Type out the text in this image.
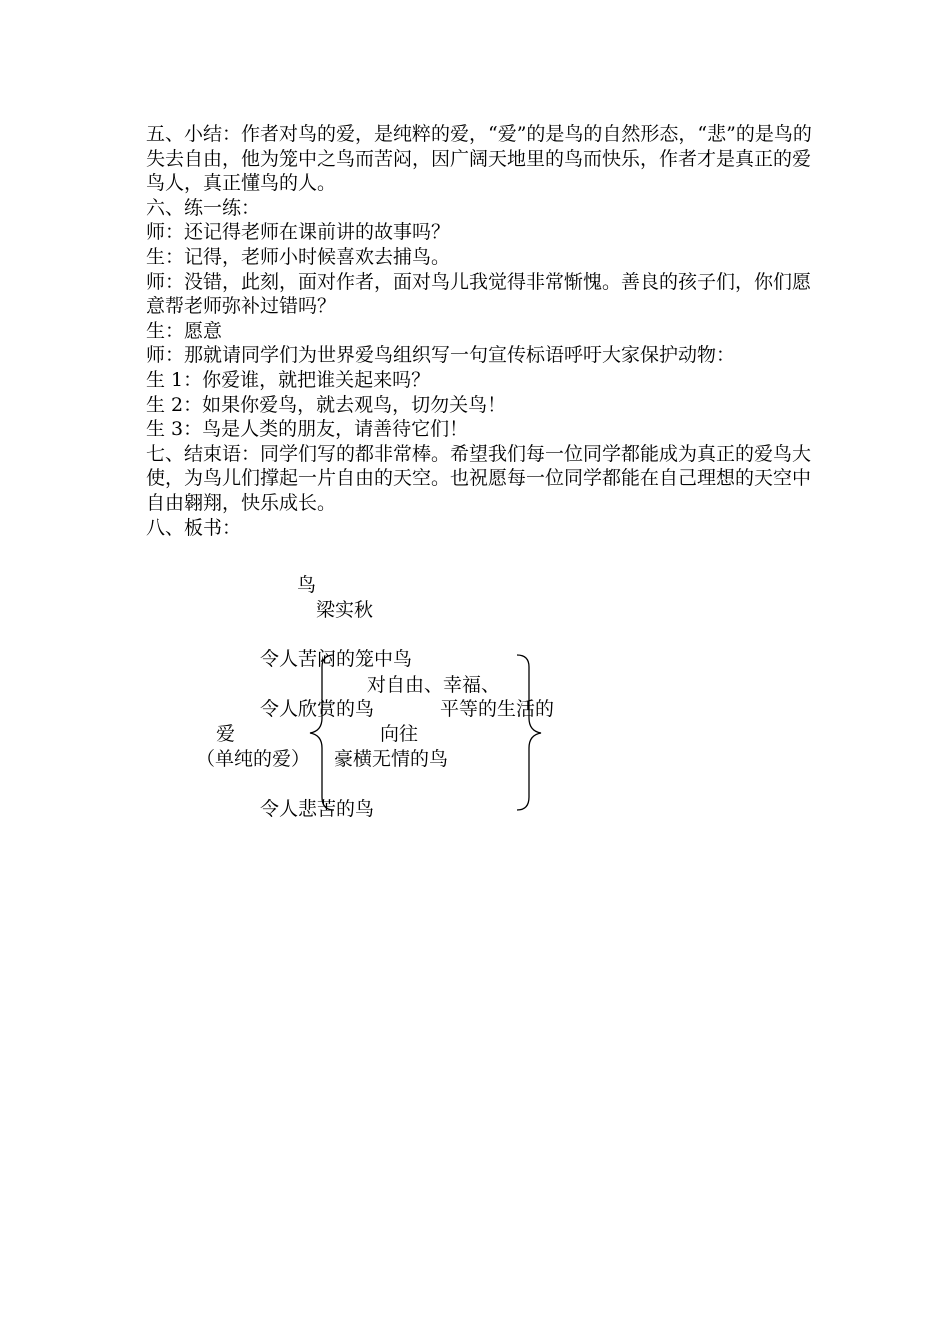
五、小结：作者对鸟的爱，是纯粹的爱，“爱”的是鸟的自然形态，“悲”的是鸟的失去自由，他为笼中之鸟而苦闷，因广阔天地里的鸟而快乐，作者才是真正的爱鸟人，真正懂鸟的人。

六、练一练：

师：还记得老师在课前讲的故事吗？

生：记得，老师小时候喜欢去捕鸟。

师：没错，此刻，面对作者，面对鸟儿我觉得非常惭愧。善良的孩子们，你们愿意帮老师弥补过错吗？

生：愿意

师：那就请同学们为世界爱鸟组织写一句宣传标语呼吁大家保护动物：

生 1：你爱谁，就把谁关起来吗？

生 2：如果你爱鸟，就去观鸟，切勿关鸟！

生 3：鸟是人类的朋友，请善待它们！

七、结束语：同学们写的都非常棒。希望我们每一位同学都能成为真正的爱鸟大使，为鸟儿们撑起一片自由的天空。也祝愿每一位同学都能在自己理想的天空中自由翱翔，快乐成长。

八、板书：

鸟
梁实秋
令人苦闷的笼中鸟
对自由、幸福、
令人欣赏的鸟	平等的生活的
爱	向往
（单纯的爱） 豪横无情的鸟
令人悲苦的鸟
